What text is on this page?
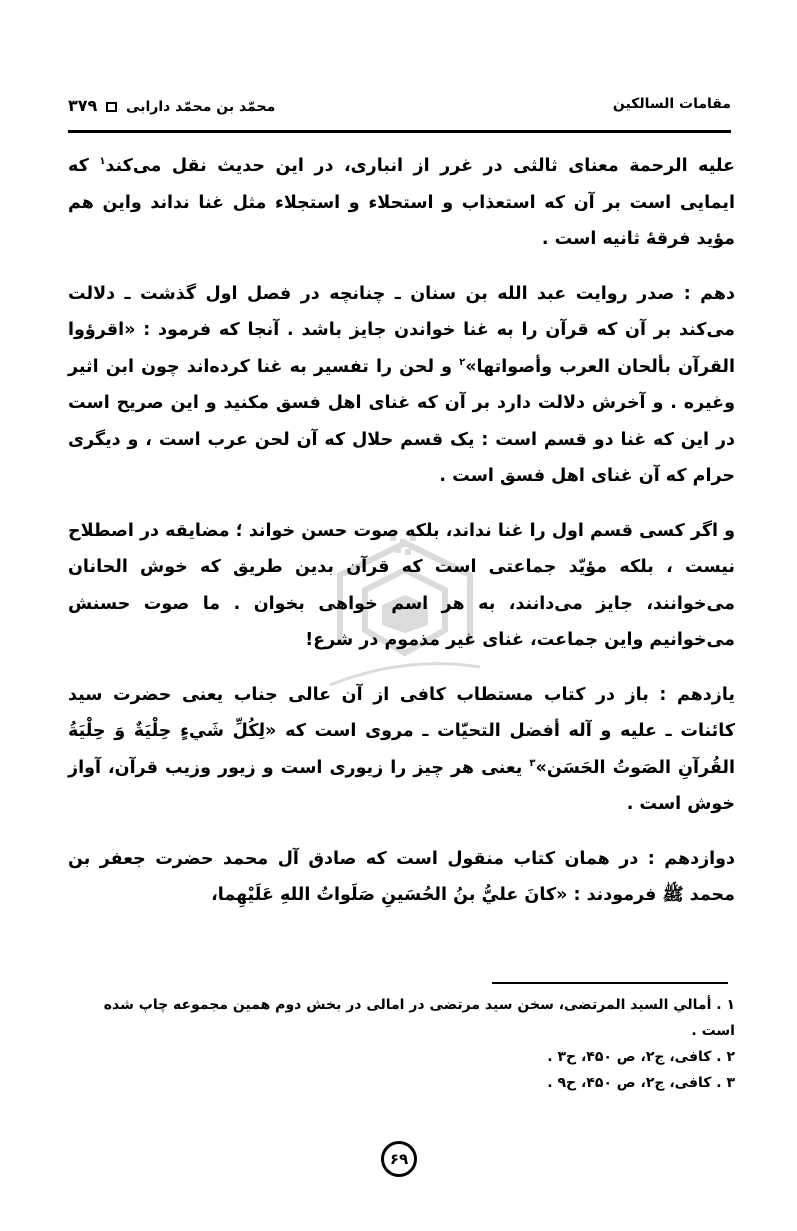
مقامات السالکین
محمّد بن محمّد دارابی  ۳۷۹

علیه الرحمة معنای ثالثی در غرر از انباری، در این حدیث نقل می‌کند$^۱$ که ایمایی است بر آن که استعذاب و استحلاء و استجلاء مثل غنا نداند واین هم مؤید فرقهٔ ثانیه است .

دهم : صدر روایت عبد الله بن سنان ـ چنانچه در فصل اول گذشت ـ دلالت می‌کند بر آن که قرآن را به غنا خواندن جایز باشد . آنجا که فرمود : «اقرؤوا القرآن بألحان العرب وأصواتها»$^۲$ و لحن را تفسیر به غنا کرده‌اند چون ابن اثیر وغیره . و آخرش دلالت دارد بر آن که غنای اهل فسق مکنید و این صریح است در این که غنا دو قسم است : یک قسم حلال که آن لحن عرب است ، و دیگری حرام که آن غنای اهل فسق است .

و اگر کسی قسم اول را غنا نداند، بلکه صوت حسن خواند ؛ مضایقه در اصطلاح نیست ، بلکه مؤیّد جماعتی است که قرآن بدین طریق که خوش الحانان می‌خوانند، جایز می‌دانند، به هر اسم خواهی بخوان . ما صوت حسنش می‌خوانیم واین جماعت، غنای غیر مذموم در شرع!

یازدهم : باز در کتاب مستطاب کافی از آن عالی جناب یعنی حضرت سید کائنات ـ علیه و آله أفضل التحیّات ـ مروی است که «لِکُلِّ شَيءٍ حِلْیَةٌ وَ حِلْیَةُ القُرآنِ الصَوتُ الحَسَن»$^۳$ یعنی هر چیز را زیوری است و زیور وزیب قرآن، آواز خوش است .

دوازدهم : در همان کتاب منقول است که صادق آل محمد حضرت جعفر بن محمد ﷺ فرمودند : «کانَ عليُّ بنُ الحُسَینِ صَلَواتُ اللهِ عَلَیْهِما،

۱ . أمالي السید المرتضی، سخن سید مرتضی در امالی در بخش دوم همین مجموعه چاپ شده است .
۲ . کافی، ج۲، ص ۴۵۰، ح۳ .
۳ . کافی، ج۲، ص ۴۵۰، ح۹ .
۶۹
